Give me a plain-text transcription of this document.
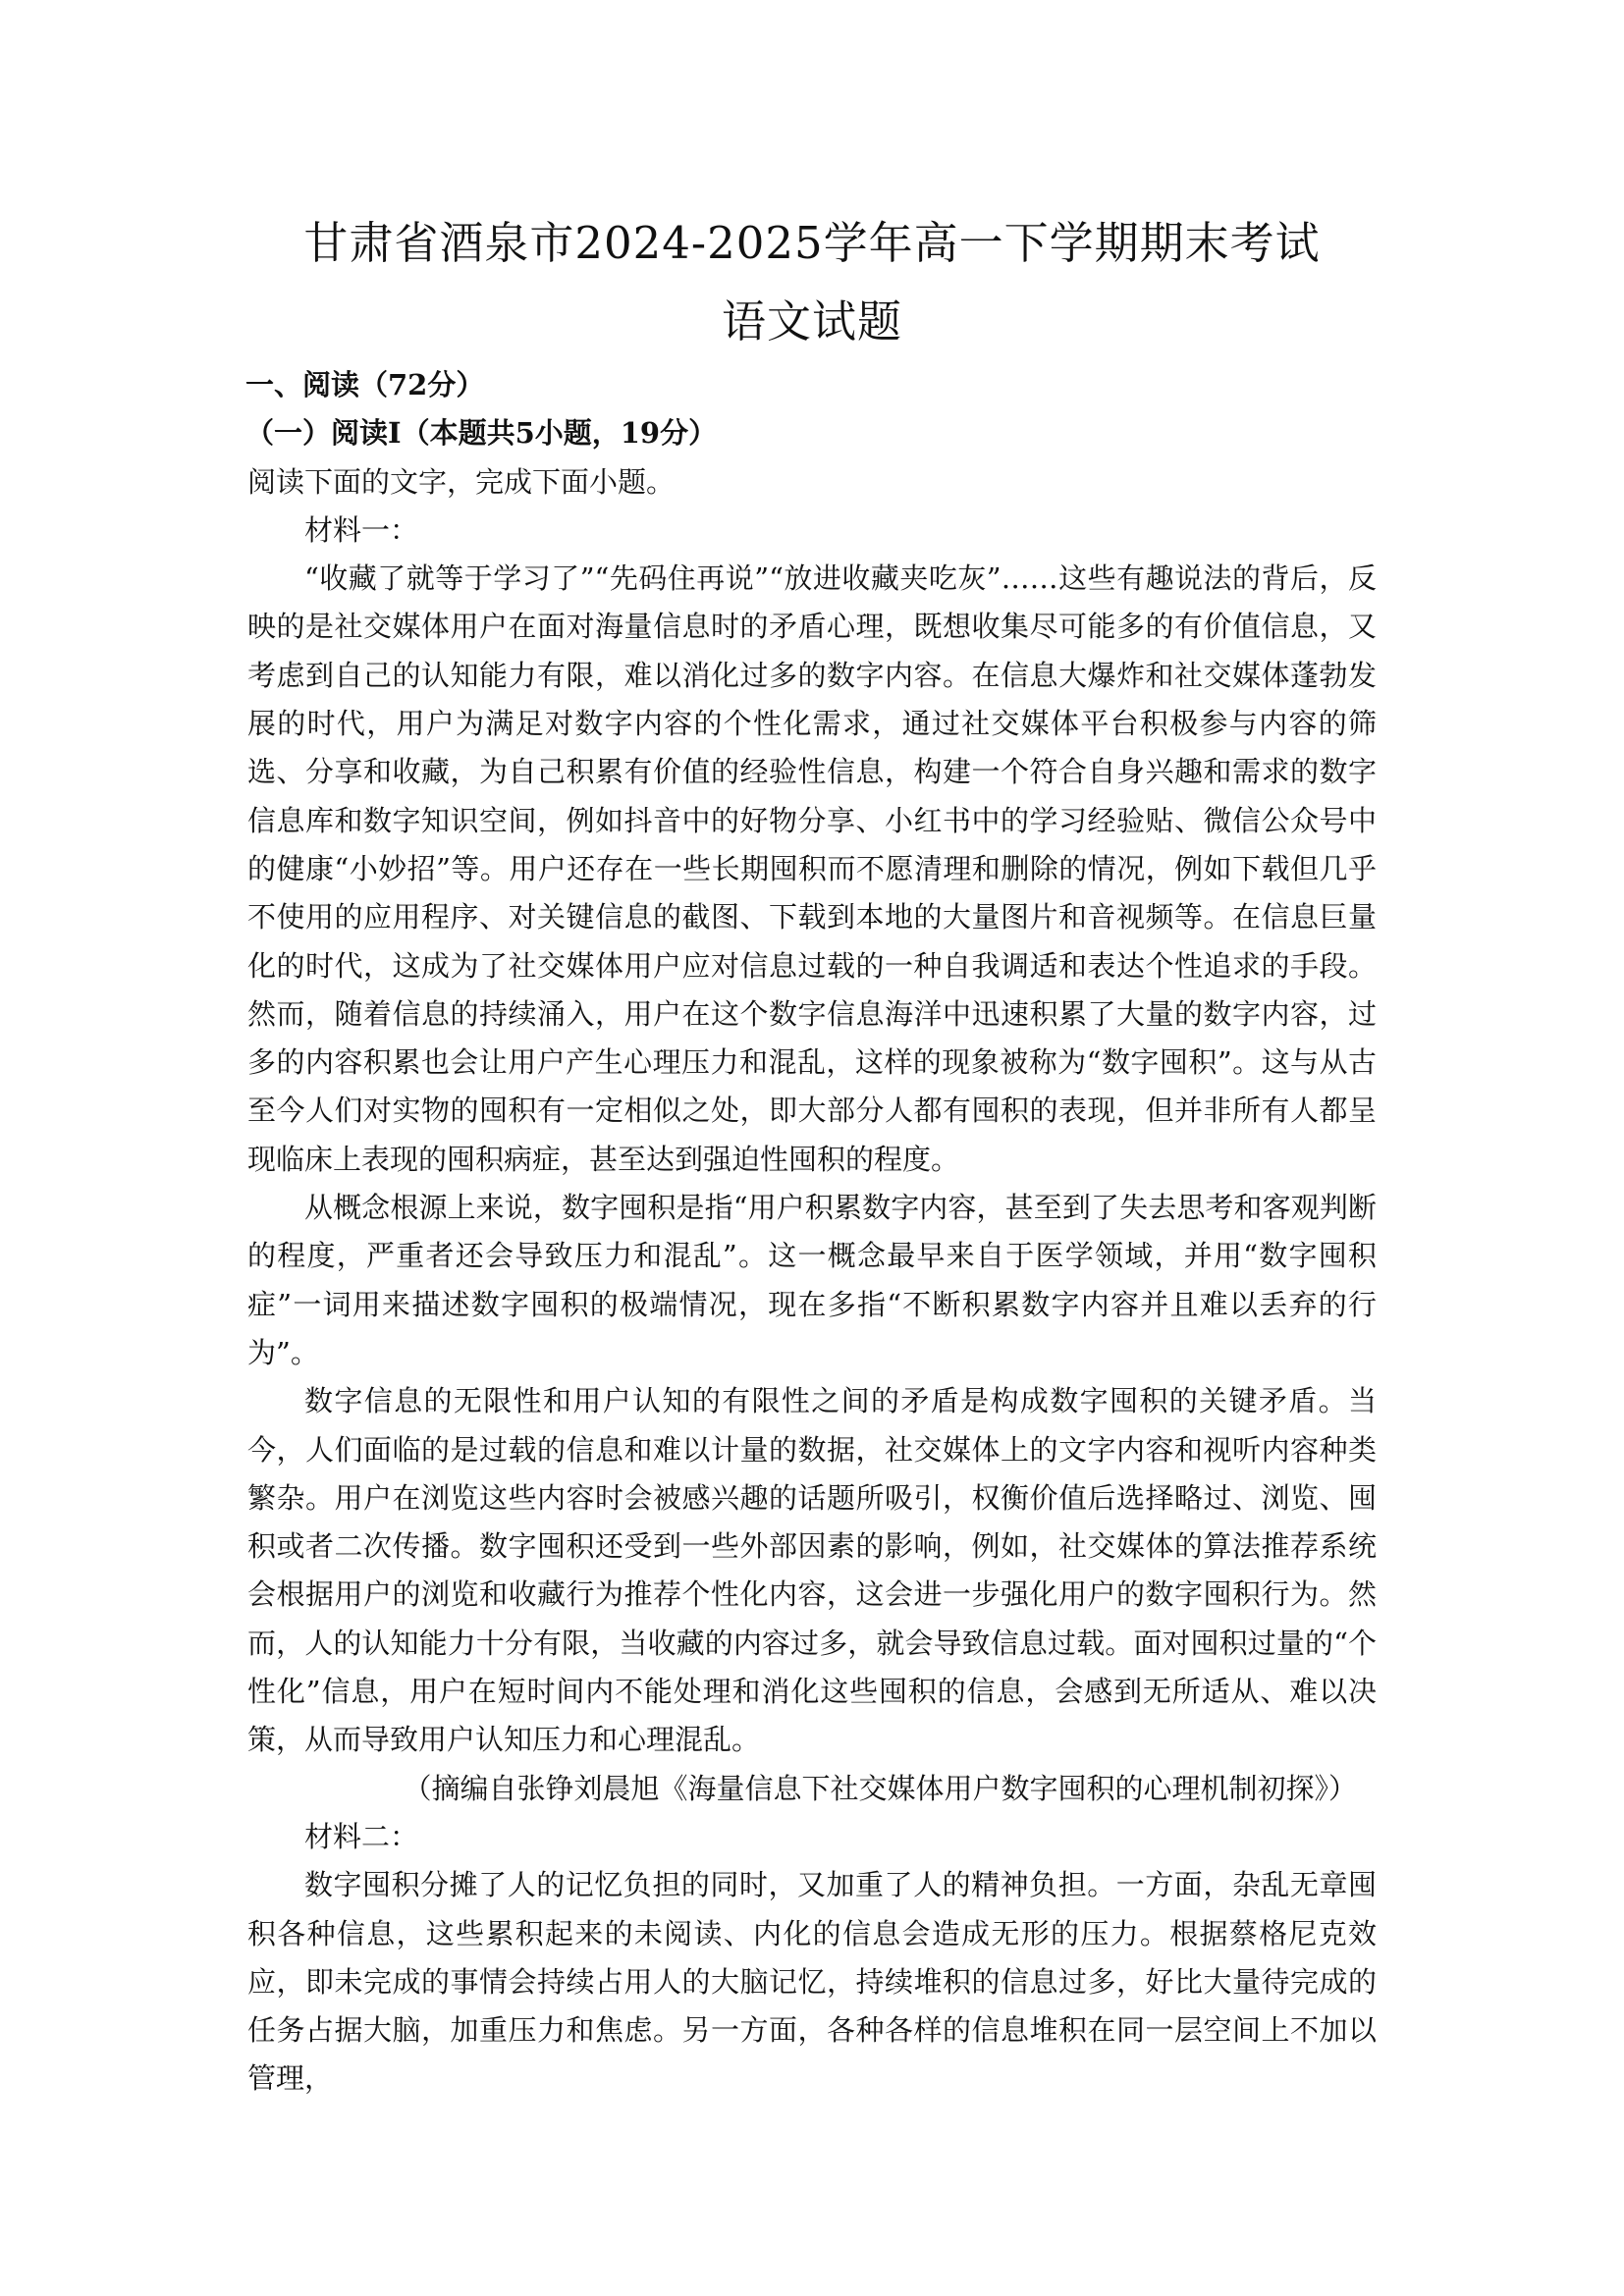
甘肃省酒泉市2024-2025学年高一下学期期末考试
语文试题

一、阅读（72分）

（一）阅读Ⅰ（本题共5小题，19分）

阅读下面的文字，完成下面小题。

材料一：

“收藏了就等于学习了”“先码住再说”“放进收藏夹吃灰”……这些有趣说法的背后，反映的是社交媒体用户在面对海量信息时的矛盾心理，既想收集尽可能多的有价值信息，又考虑到自己的认知能力有限，难以消化过多的数字内容。在信息大爆炸和社交媒体蓬勃发展的时代，用户为满足对数字内容的个性化需求，通过社交媒体平台积极参与内容的筛选、分享和收藏，为自己积累有价值的经验性信息，构建一个符合自身兴趣和需求的数字信息库和数字知识空间，例如抖音中的好物分享、小红书中的学习经验贴、微信公众号中的健康“小妙招”等。用户还存在一些长期囤积而不愿清理和删除的情况，例如下载但几乎不使用的应用程序、对关键信息的截图、下载到本地的大量图片和音视频等。在信息巨量化的时代，这成为了社交媒体用户应对信息过载的一种自我调适和表达个性追求的手段。然而，随着信息的持续涌入，用户在这个数字信息海洋中迅速积累了大量的数字内容，过多的内容积累也会让用户产生心理压力和混乱，这样的现象被称为“数字囤积”。这与从古至今人们对实物的囤积有一定相似之处，即大部分人都有囤积的表现，但并非所有人都呈现临床上表现的囤积病症，甚至达到强迫性囤积的程度。

从概念根源上来说，数字囤积是指“用户积累数字内容，甚至到了失去思考和客观判断的程度，严重者还会导致压力和混乱”。这一概念最早来自于医学领域，并用“数字囤积症”一词用来描述数字囤积的极端情况，现在多指“不断积累数字内容并且难以丢弃的行为”。

数字信息的无限性和用户认知的有限性之间的矛盾是构成数字囤积的关键矛盾。当今，人们面临的是过载的信息和难以计量的数据，社交媒体上的文字内容和视听内容种类繁杂。用户在浏览这些内容时会被感兴趣的话题所吸引，权衡价值后选择略过、浏览、囤积或者二次传播。数字囤积还受到一些外部因素的影响，例如，社交媒体的算法推荐系统会根据用户的浏览和收藏行为推荐个性化内容，这会进一步强化用户的数字囤积行为。然而，人的认知能力十分有限，当收藏的内容过多，就会导致信息过载。面对囤积过量的“个性化”信息，用户在短时间内不能处理和消化这些囤积的信息，会感到无所适从、难以决策，从而导致用户认知压力和心理混乱。

（摘编自张铮刘晨旭《海量信息下社交媒体用户数字囤积的心理机制初探》）

材料二：

数字囤积分摊了人的记忆负担的同时，又加重了人的精神负担。一方面，杂乱无章囤积各种信息，这些累积起来的未阅读、内化的信息会造成无形的压力。根据蔡格尼克效应，即未完成的事情会持续占用人的大脑记忆，持续堆积的信息过多，好比大量待完成的任务占据大脑，加重压力和焦虑。另一方面，各种各样的信息堆积在同一层空间上不加以管理，
